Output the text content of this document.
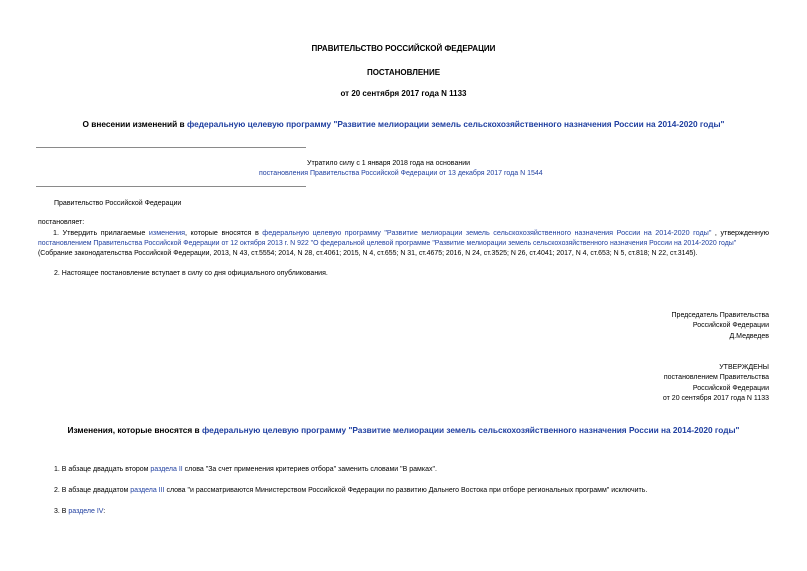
ПРАВИТЕЛЬСТВО РОССИЙСКОЙ ФЕДЕРАЦИИ
ПОСТАНОВЛЕНИЕ
от 20 сентября 2017 года N 1133
О внесении изменений в федеральную целевую программу "Развитие мелиорации земель сельскохозяйственного назначения России на 2014-2020 годы"
Утратило силу с 1 января 2018 года на основании
постановления Правительства Российской Федерации от 13 декабря 2017 года N 1544
Правительство Российской Федерации
постановляет:
1. Утвердить прилагаемые изменения, которые вносятся в федеральную целевую программу "Развитие мелиорации земель сельскохозяйственного назначения России на 2014-2020 годы" , утвержденную
постановлением Правительства Российской Федерации от 12 октября 2013 г. N 922 "О федеральной целевой программе "Развитие мелиорации земель сельскохозяйственного назначения России на 2014-2020 годы"
(Собрание законодательства Российской Федерации, 2013, N 43, ст.5554; 2014, N 28, ст.4061; 2015, N 4, ст.655; N 31, ст.4675; 2016, N 24, ст.3525; N 26, ст.4041; 2017, N 4, ст.653; N 5, ст.818; N 22, ст.3145).
2. Настоящее постановление вступает в силу со дня официального опубликования.
Председатель Правительства
Российской Федерации
Д.Медведев
УТВЕРЖДЕНЫ
постановлением Правительства
Российской Федерации
от 20 сентября 2017 года N 1133
Изменения, которые вносятся в федеральную целевую программу "Развитие мелиорации земель сельскохозяйственного назначения России на 2014-2020 годы"
1. В абзаце двадцать втором раздела II слова "За счет применения критериев отбора" заменить словами "В рамках".
2. В абзаце двадцатом раздела III слова "и рассматриваются Министерством Российской Федерации по развитию Дальнего Востока при отборе региональных программ" исключить.
3. В разделе IV:
